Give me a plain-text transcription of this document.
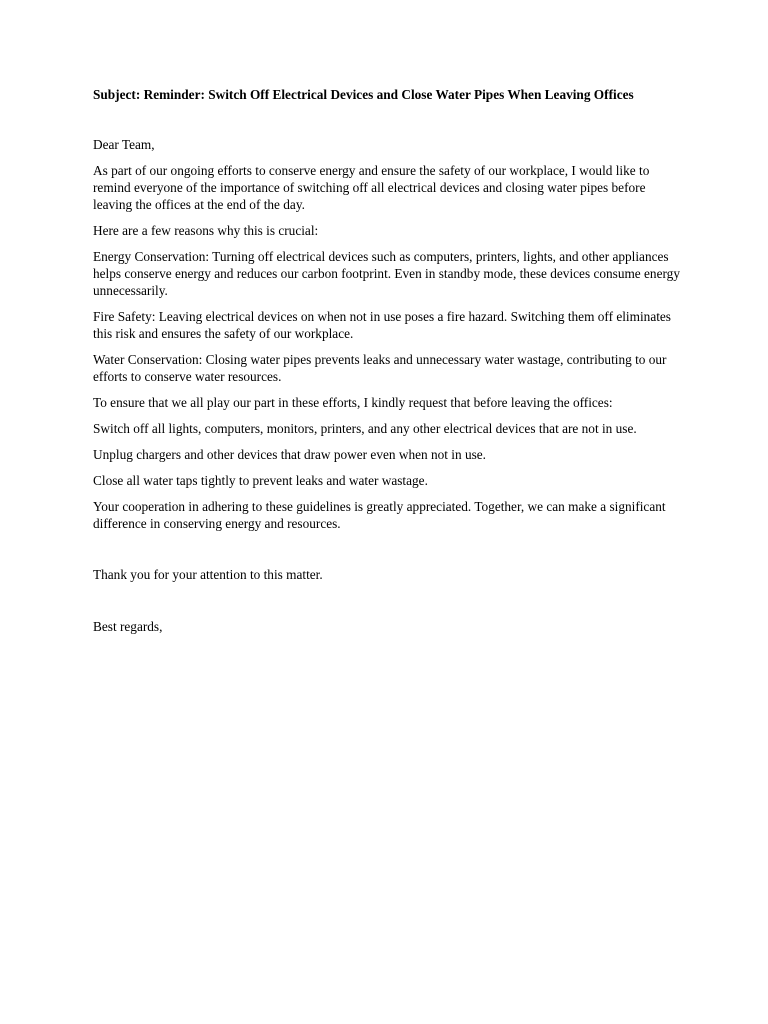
Subject: Reminder: Switch Off Electrical Devices and Close Water Pipes When Leaving Offices

Dear Team,

As part of our ongoing efforts to conserve energy and ensure the safety of our workplace, I would like to remind everyone of the importance of switching off all electrical devices and closing water pipes before leaving the offices at the end of the day.

Here are a few reasons why this is crucial:

Energy Conservation: Turning off electrical devices such as computers, printers, lights, and other appliances helps conserve energy and reduces our carbon footprint. Even in standby mode, these devices consume energy unnecessarily.

Fire Safety: Leaving electrical devices on when not in use poses a fire hazard. Switching them off eliminates this risk and ensures the safety of our workplace.

Water Conservation: Closing water pipes prevents leaks and unnecessary water wastage, contributing to our efforts to conserve water resources.

To ensure that we all play our part in these efforts, I kindly request that before leaving the offices:

Switch off all lights, computers, monitors, printers, and any other electrical devices that are not in use.

Unplug chargers and other devices that draw power even when not in use.

Close all water taps tightly to prevent leaks and water wastage.

Your cooperation in adhering to these guidelines is greatly appreciated. Together, we can make a significant difference in conserving energy and resources.

Thank you for your attention to this matter.

Best regards,
